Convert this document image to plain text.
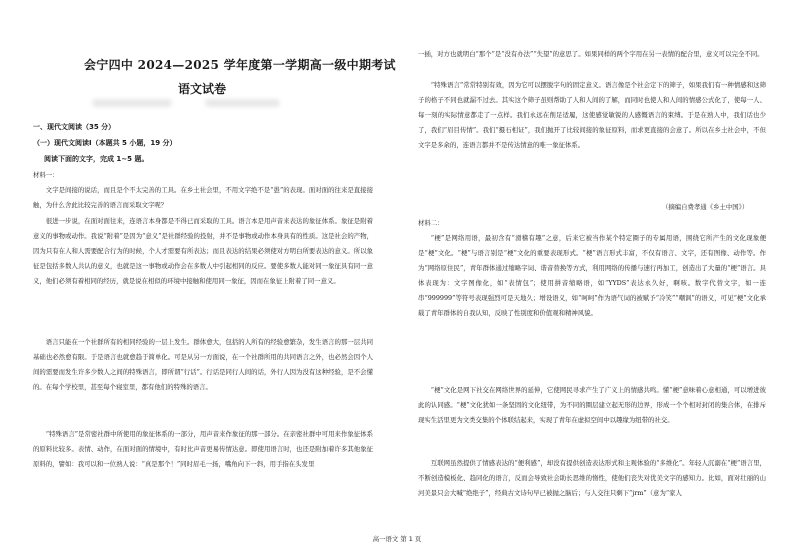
会宁四中 2024—2025 学年度第一学期高一级中期考试
语文试卷
一、现代文阅读（35 分）
（一）现代文阅读Ⅰ（本题共 5 小题，19 分）
阅读下面的文字，完成 1~5 题。
材料一：
文字是间接的说话，而且是个不太完善的工具。在乡土社会里，不用文字绝不是“愚”的表现。面对面的往来是直接接触，为什么舍此比较完善的语言而采取文字呢？
很进一步说，在面对面往来，连语言本身都是不得已而采取的工具。语言本是用声音来表达的象征体系。象征是附着意义的事物或动作。我说“附着”是因为“意义”是社群经验的投射，并不是事物或动作本身具有的性质。这是社会的产物，因为只有在人和人需要配合行为的时候，个人才需要有所表达；而且表达的结果必须使对方明白所要表达的意义。所以象征是包括多数人共认的意义，也就是这一事物或动作会在多数人中引起相同的反应。要使多数人能对同一象征具有同一意义，他们必须有着相同的经历，就是说在相似的环境中接触和使用同一象征，因而在象征上附着了同一意义。
语言只能在一个社群所有的相同经验的一层上发生。群体愈大，包括的人所有的经验愈繁杂，发生语言的那一层共同基础也必然愈有限。于是语言也就愈趋于简单化。可是从另一方面说，在一个社群所用的共同语言之外，也必然会因个人间的需要而发生许多少数人之间的特殊语言，即所谓“行话”。行话是同行人间的话，外行人因为没有这种经验，是不会懂的。在每个学校里，甚至每个寝室里，都有他们的特殊的语言。
“特殊语言”是常密社群中所使用的象征体系的一部分，用声音来作象征的那一部分。在亲密社群中可用来作象征体系的原料比较多。表情、动作，在面对面的情境中，有时比声音更易传情达意。即使用语言时，也还是附加着许多其他象征原料的，譬如：我可以和一位熟人说：“真是那个！”同时眉毛一扬，嘴角向下一斜，用手指在头发里
一插，对方也就明白“那个”是“没有办法”“失望”的意思了。如果同样的两个字用在另一表情的配合里，意义可以完全不同。
“特殊语言”常常特别有效，因为它可以摆脱字句的固定意义。语言像是个社会定下的筛子，如果我们有一种情感和这筛子的格子不同也就漏不过去。其实这个筛子虽则帮助了人和人间的了解，而同时也使人和人间的情感公式化了，使每一人、每一刻的实际情意都走了一点样。我们永远在削足适履，这使感觉敏锐的人感慨语言的束缚。于是在熟人中，我们话也少了，我们“眉目传情”。我们“摄石相证”，我们抛开了比较间接的象征原料，而求更直接的会意了。所以在乡土社会中，不但文字是多余的，连语言都并不是传达情意的唯一象征体系。
（摘编自费孝通《乡土中国》）
材料二：
“梗”是网络用语，最初含有“滑稽有趣”之意，后来它被当作某个特定圈子的专属用语，围绕它所产生的文化现象便是“梗”文化。“梗”与语言别是“梗”文化的重要表现形式。“梗”语言形式丰富，不仅有语言、文字，还有图像、动作等。作为“网络原住民”，青年群体通过缩略字词、谐音替换等方式，利用网络的传播与速行再加工，创造出了大量的“梗”语言。具体表现为：文字图像化，如“表情包”；使用拼音缩略语，如“YYDS”表达永久好，啊咳。数字代替文字，如一连串“999999”等符号表现强烈可是天地久；增设语义，如“呵呵”作为语气词的被赋予“冷笑”“嘲讽”的语义，可见“梗”文化承载了青年群体的自我认知，反映了性别度和价值观和精神风貌。
“梗”文化是网下社交在网络世界的延伸，它使网民寻求产生了广义上的情感共鸣。懂“梗”意味着心意相通，可以增进彼此的认同感。“梗”文化犹如一条坚固的文化纽带，为不同的圈层建立起无形的边界，形成一个个相对封闭的集合体，在排斥现实生活里更为文类交集的个体联结起来，实现了青年在虚拟空间中以趣缘为纽带的社交。
互联网虽然提供了情感表达的“便利感”，却没有提供创造表达形式和主观体验的“多维化”。年轻人沉溺在“梗”语言里，不断创造模板化、趋同化的语言，反而会导致社会助长思维的惰性，使他们丧失对优美文字的感知力。比如，面对壮丽的山河美景只会大喊“绝绝子”，经典古文诗句早已被抛之脑后；与人交往只剩下“jrm”（意为“家人
高一语文 第 1 页
